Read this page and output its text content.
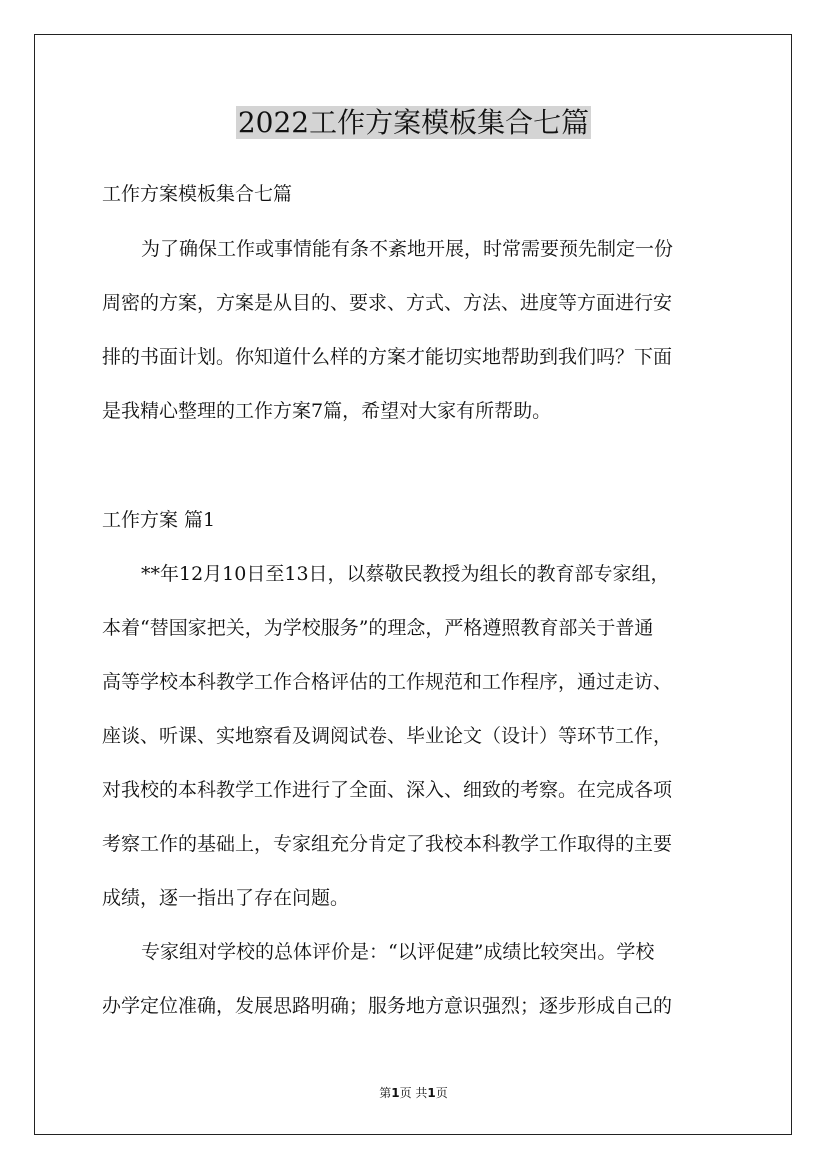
2022工作方案模板集合七篇

工作方案模板集合七篇

为了确保工作或事情能有条不紊地开展，时常需要预先制定一份

周密的方案，方案是从目的、要求、方式、方法、进度等方面进行安

排的书面计划。你知道什么样的方案才能切实地帮助到我们吗？下面

是我精心整理的工作方案7篇，希望对大家有所帮助。

工作方案 篇1

**年12月10日至13日，以蔡敬民教授为组长的教育部专家组，

本着“替国家把关，为学校服务”的理念，严格遵照教育部关于普通

高等学校本科教学工作合格评估的工作规范和工作程序，通过走访、

座谈、听课、实地察看及调阅试卷、毕业论文（设计）等环节工作，

对我校的本科教学工作进行了全面、深入、细致的考察。在完成各项

考察工作的基础上，专家组充分肯定了我校本科教学工作取得的主要

成绩，逐一指出了存在问题。

专家组对学校的总体评价是：“以评促建”成绩比较突出。学校

办学定位准确，发展思路明确；服务地方意识强烈；逐步形成自己的

第1页 共1页
